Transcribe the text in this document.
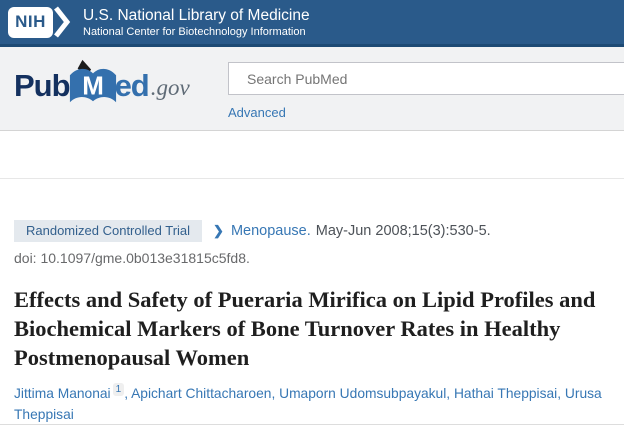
NIH	U.S. National Library of Medicine
National Center for Biotechnology Information
Pub M ed .gov
Search PubMed
Advanced
Randomized Controlled Trial	❯ Menopause. May-Jun 2008;15(3):530-5.
doi: 10.1097/gme.0b013e31815c5fd8.
Effects and Safety of Pueraria Mirifica on Lipid Profiles and Biochemical Markers of Bone Turnover Rates in Healthy Postmenopausal Women
Jittima Manonai $^1$ , Apichart Chittacharoen, Umaporn Udomsubpayakul, Hathai Theppisai, Urusa Theppisai
